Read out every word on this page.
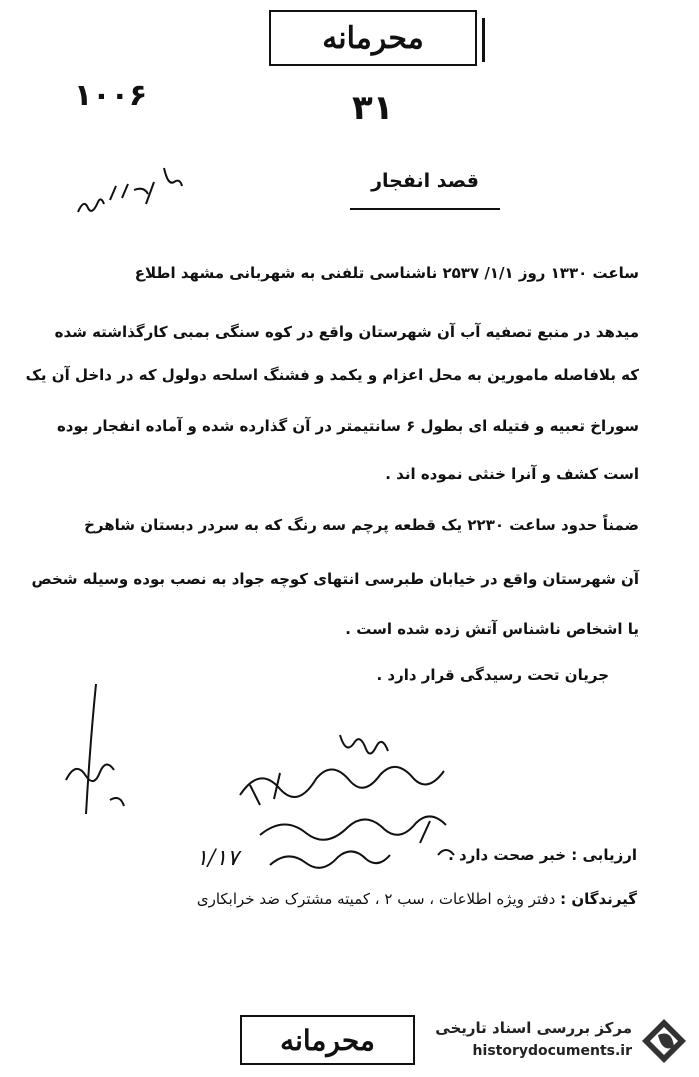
محرمانه
۱۰۰۶	۳۱
قصد انفجار
ساعت ۱۳۳۰ روز ۱/۱/ ۲۵۳۷ ناشناسی تلفنی به شهربانی مشهد اطلاع
میدهد در منبع تصفیه آب آن شهرستان واقع در کوه سنگی بمبی کارگذاشته شده
که بلافاصله مامورین به محل اعزام و یکمد و فشنگ اسلحه دولول که در داخل آن یک
سوراخ تعبیه و فتیله ای بطول ۶ سانتیمتر در آن گذارده شده و آماده انفجار بوده
است کشف و آنرا خنثی نموده اند .
ضمناً حدود ساعت ۲۲۳۰ یک قطعه پرچم سه رنگ که به سردر دبستان شاهرخ
آن شهرستان واقع در خیابان طبرسی انتهای کوچه جواد به نصب بوده وسیله شخص
یا اشخاص ناشناس آتش زده شده است .
جریان تحت رسیدگی قرار دارد .
۱/۱۷	ارزیابی : خبر صحت دارد .
گیرندگان : دفتر ویژه اطلاعات ، سب ۲ ، کمیته مشترک ضد خرابکاری
محرمانه	مرکز بررسی اسناد تاریخی
historydocuments.ir
